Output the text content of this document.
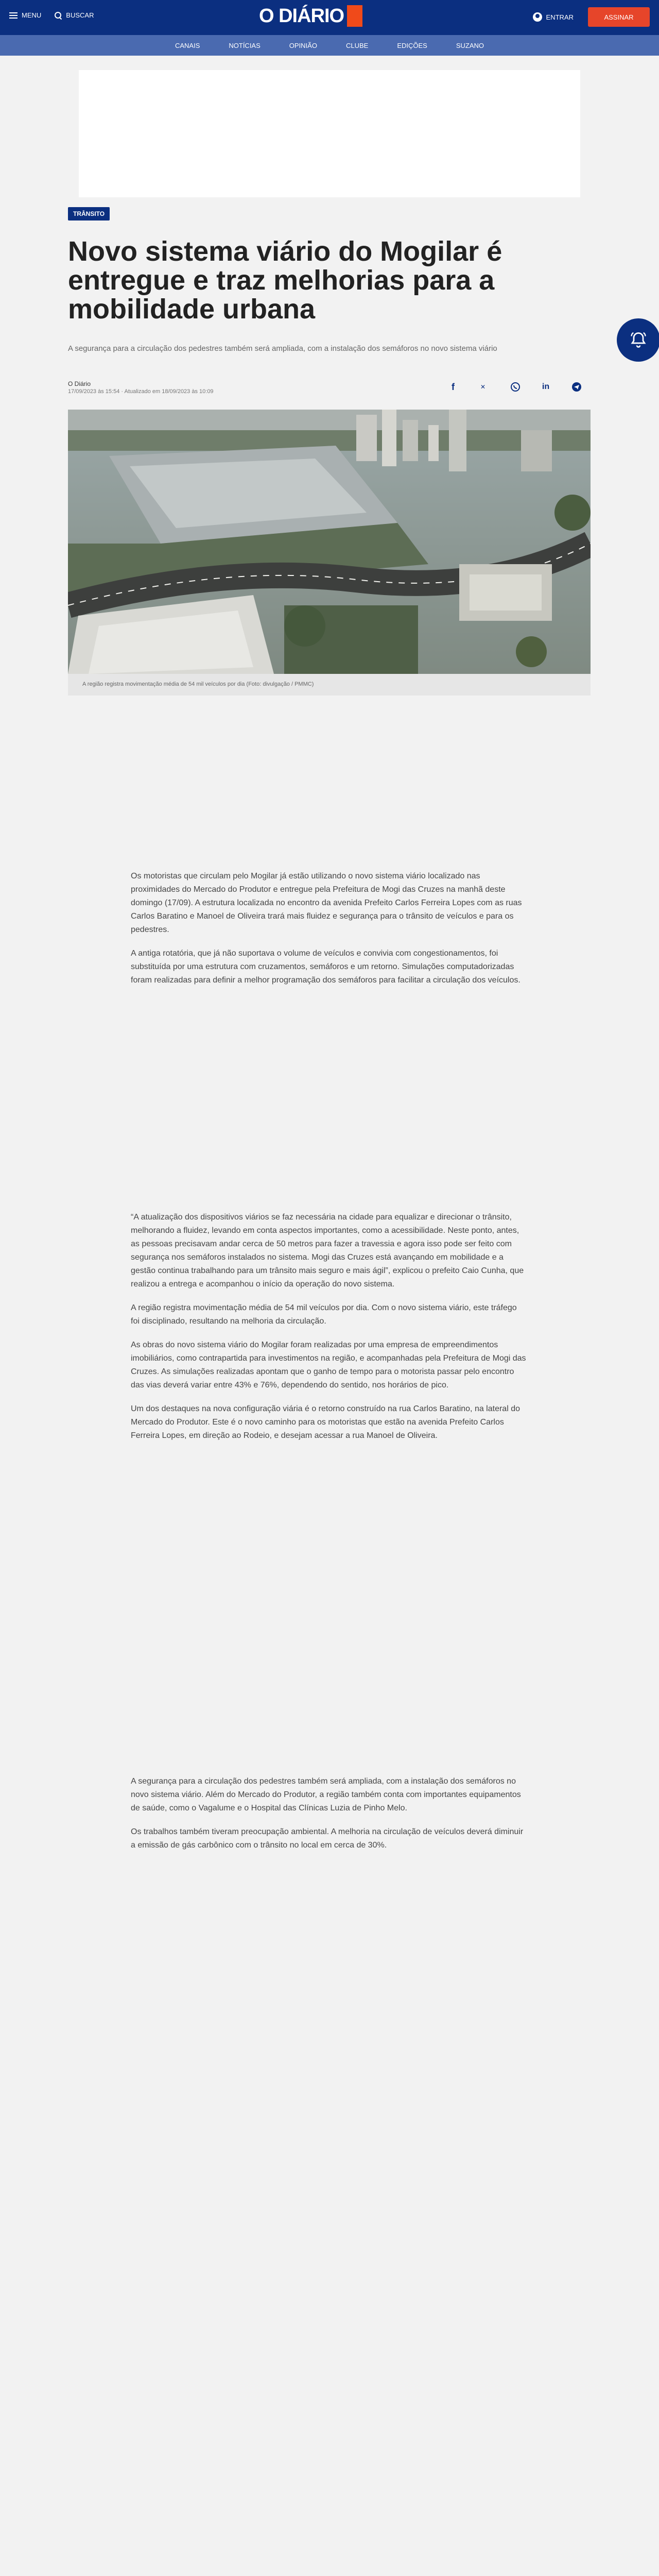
MENU	BUSCAR	O DIÁRIO	ENTRAR	ASSINAR
CANAIS	NOTÍCIAS	OPINIÃO	CLUBE	EDIÇÕES	SUZANO
TRÂNSITO
Novo sistema viário do Mogilar é entregue e traz melhorias para a mobilidade urbana
A segurança para a circulação dos pedestres também será ampliada, com a instalação dos semáforos no novo sistema viário
O Diário
17/09/2023 às 15:54 · Atualizado em 18/09/2023 às 10:09	f	✕	in
A região registra movimentação média de 54 mil veículos por dia (Foto: divulgação / PMMC)

Os motoristas que circulam pelo Mogilar já estão utilizando o novo sistema viário localizado nas proximidades do Mercado do Produtor e entregue pela Prefeitura de Mogi das Cruzes na manhã deste domingo (17/09). A estrutura localizada no encontro da avenida Prefeito Carlos Ferreira Lopes com as ruas Carlos Baratino e Manoel de Oliveira trará mais fluidez e segurança para o trânsito de veículos e para os pedestres.

A antiga rotatória, que já não suportava o volume de veículos e convivia com congestionamentos, foi substituída por uma estrutura com cruzamentos, semáforos e um retorno. Simulações computadorizadas foram realizadas para definir a melhor programação dos semáforos para facilitar a circulação dos veículos.

“A atualização dos dispositivos viários se faz necessária na cidade para equalizar e direcionar o trânsito, melhorando a fluidez, levando em conta aspectos importantes, como a acessibilidade. Neste ponto, antes, as pessoas precisavam andar cerca de 50 metros para fazer a travessia e agora isso pode ser feito com segurança nos semáforos instalados no sistema. Mogi das Cruzes está avançando em mobilidade e a gestão continua trabalhando para um trânsito mais seguro e mais ágil”, explicou o prefeito Caio Cunha, que realizou a entrega e acompanhou o início da operação do novo sistema.

A região registra movimentação média de 54 mil veículos por dia. Com o novo sistema viário, este tráfego foi disciplinado, resultando na melhoria da circulação.

As obras do novo sistema viário do Mogilar foram realizadas por uma empresa de empreendimentos imobiliários, como contrapartida para investimentos na região, e acompanhadas pela Prefeitura de Mogi das Cruzes. As simulações realizadas apontam que o ganho de tempo para o motorista passar pelo encontro das vias deverá variar entre 43% e 76%, dependendo do sentido, nos horários de pico.

Um dos destaques na nova configuração viária é o retorno construído na rua Carlos Baratino, na lateral do Mercado do Produtor. Este é o novo caminho para os motoristas que estão na avenida Prefeito Carlos Ferreira Lopes, em direção ao Rodeio, e desejam acessar a rua Manoel de Oliveira.

A segurança para a circulação dos pedestres também será ampliada, com a instalação dos semáforos no novo sistema viário. Além do Mercado do Produtor, a região também conta com importantes equipamentos de saúde, como o Vagalume e o Hospital das Clínicas Luzia de Pinho Melo.

Os trabalhos também tiveram preocupação ambiental. A melhoria na circulação de veículos deverá diminuir a emissão de gás carbônico com o trânsito no local em cerca de 30%.
